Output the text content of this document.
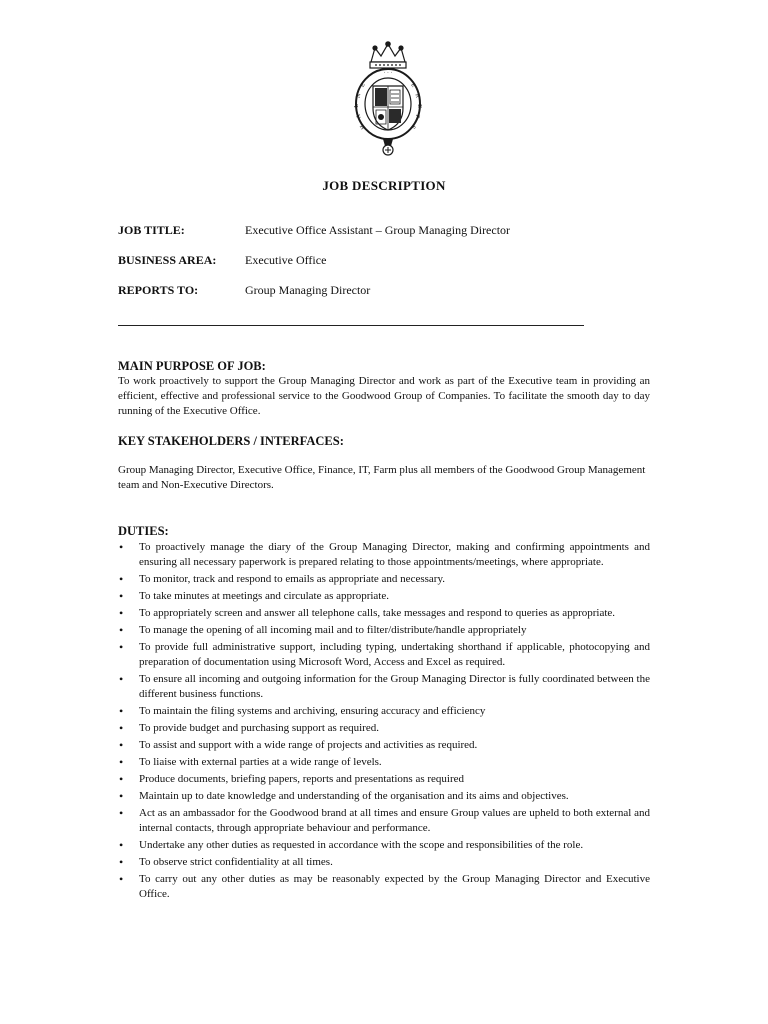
E
N
L
A
H
E
R
E
P
S
· · ·
JOB DESCRIPTION
JOB TITLE:	Executive Office Assistant – Group Managing Director
BUSINESS AREA: Executive Office
REPORTS TO:	Group Managing Director
MAIN PURPOSE OF JOB:
To work proactively to support the Group Managing Director and work as part of the Executive team in providing an efficient, effective and professional service to the Goodwood Group of Companies. To facilitate the smooth day to day running of the Executive Office.
KEY STAKEHOLDERS / INTERFACES:
Group Managing Director, Executive Office, Finance, IT, Farm plus all members of the Goodwood Group Management team and Non-Executive Directors.
DUTIES:
• To proactively manage the diary of the Group Managing Director, making and confirming appointments and ensuring all necessary paperwork is prepared relating to those appointments/meetings, where appropriate.
• To monitor, track and respond to emails as appropriate and necessary.
• To take minutes at meetings and circulate as appropriate.
• To appropriately screen and answer all telephone calls, take messages and respond to queries as appropriate.
• To manage the opening of all incoming mail and to filter/distribute/handle appropriately
• To provide full administrative support, including typing, undertaking shorthand if applicable, photocopying and preparation of documentation using Microsoft Word, Access and Excel as required.
• To ensure all incoming and outgoing information for the Group Managing Director is fully coordinated between the different business functions.
• To maintain the filing systems and archiving, ensuring accuracy and efficiency
• To provide budget and purchasing support as required.
• To assist and support with a wide range of projects and activities as required.
• To liaise with external parties at a wide range of levels.
• Produce documents, briefing papers, reports and presentations as required
• Maintain up to date knowledge and understanding of the organisation and its aims and objectives.
• Act as an ambassador for the Goodwood brand at all times and ensure Group values are upheld to both external and internal contacts, through appropriate behaviour and performance.
• Undertake any other duties as requested in accordance with the scope and responsibilities of the role.
• To observe strict confidentiality at all times.
• To carry out any other duties as may be reasonably expected by the Group Managing Director and Executive Office.
